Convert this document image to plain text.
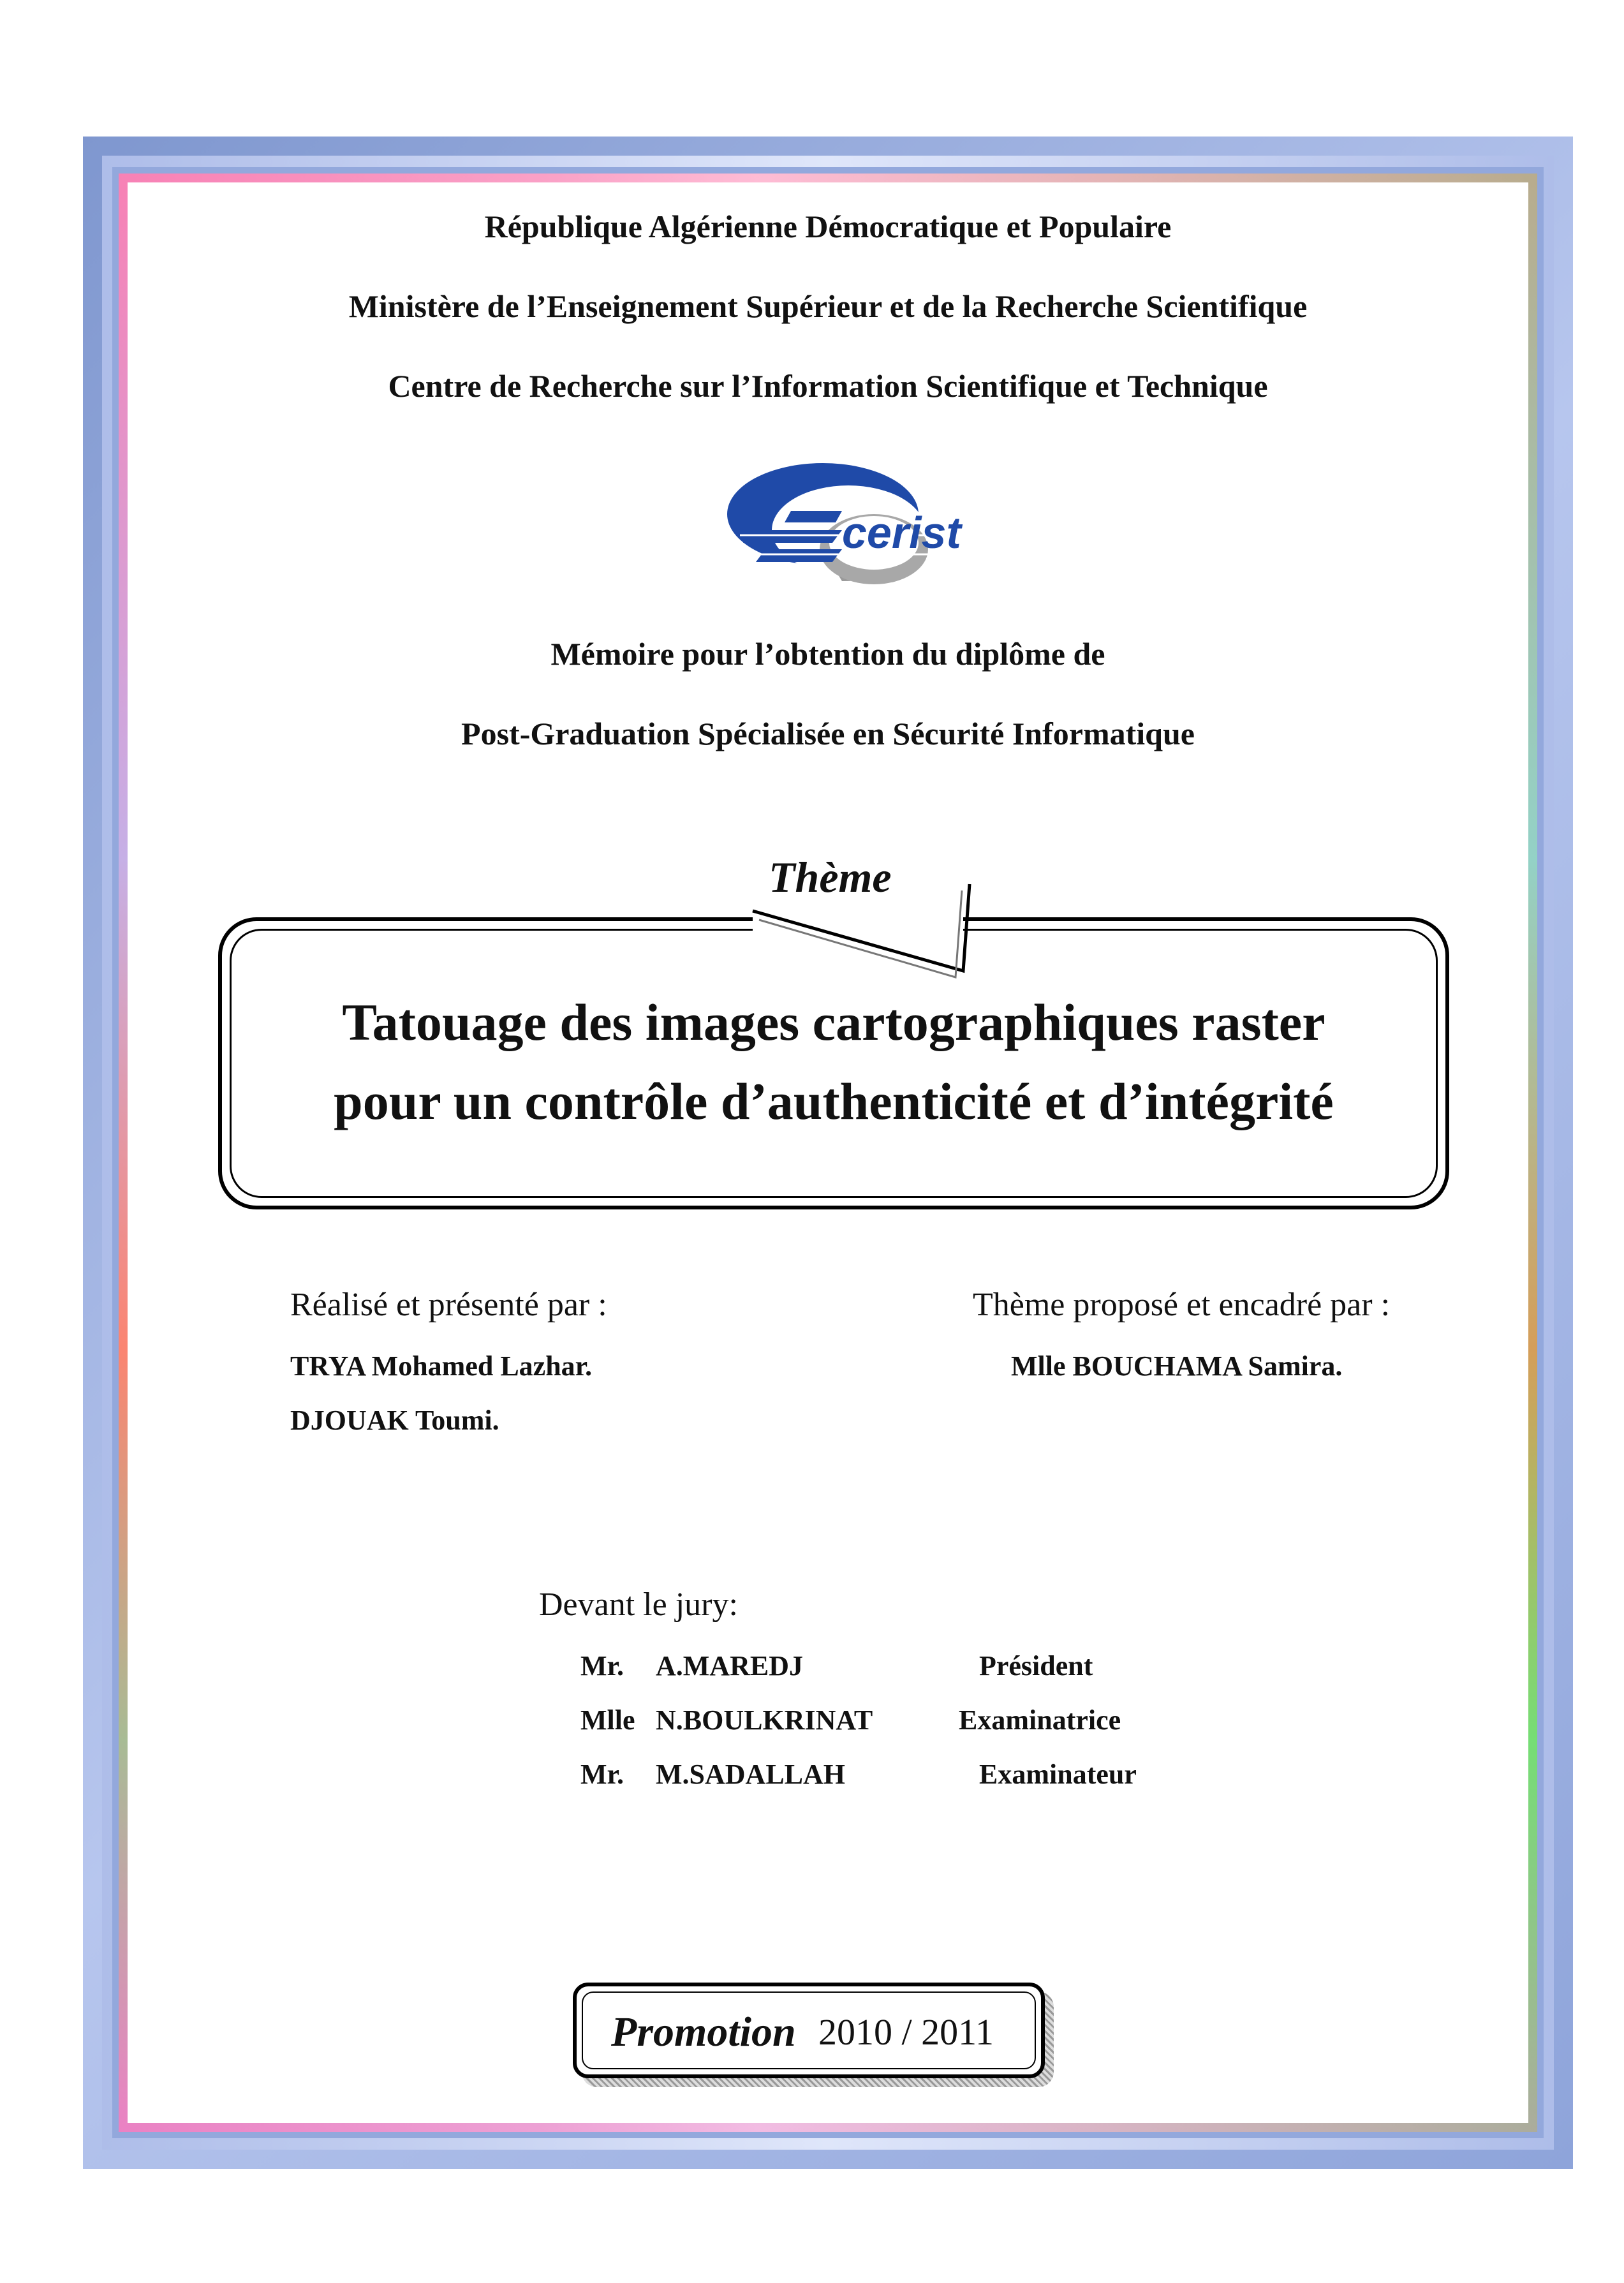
République Algérienne Démocratique et Populaire
Ministère de l’Enseignement Supérieur et de la Recherche Scientifique
Centre de Recherche sur l’Information Scientifique et Technique
cerist
Mémoire pour l’obtention du diplôme de
Post-Graduation Spécialisée en Sécurité Informatique
Thème
Tatouage des images cartographiques raster
pour un contrôle d’authenticité et d’intégrité
Réalisé et présenté par :
TRYA Mohamed Lazhar.
DJOUAK Toumi.
Thème proposé et encadré par :
Mlle BOUCHAMA Samira.
Devant le jury:
Mr. A.MAREDJ	Président
Mlle N.BOULKRINAT	Examinatrice
Mr. M.SADALLAH	Examinateur
Promotion 2010 / 2011
